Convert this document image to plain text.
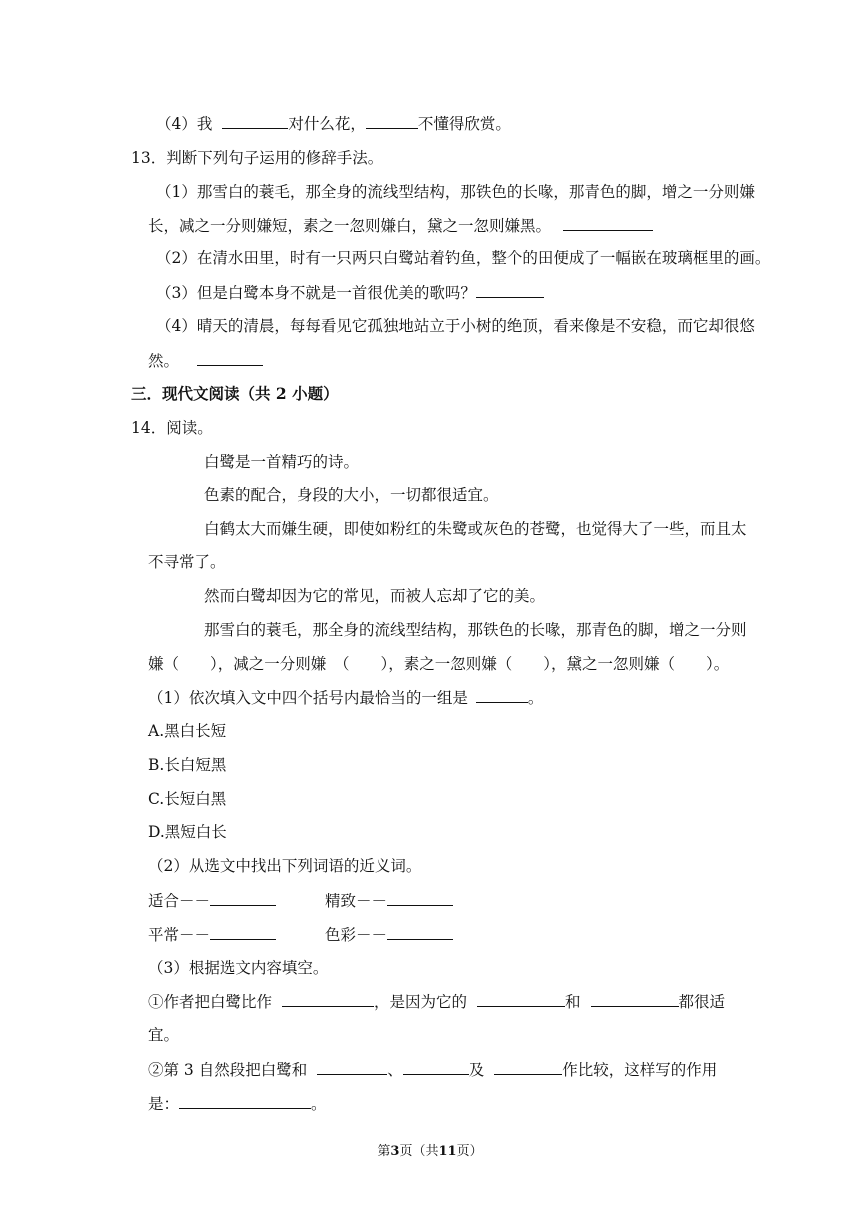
（4）我	对什么花，	不懂得欣赏。
13．判断下列句子运用的修辞手法。
（1）那雪白的蓑毛，那全身的流线型结构，那铁色的长喙，那青色的脚，增之一分则嫌
长，减之一分则嫌短，素之一忽则嫌白，黛之一忽则嫌黑。
（2）在清水田里，时有一只两只白鹭站着钓鱼，整个的田便成了一幅嵌在玻璃框里的画。
（3）但是白鹭本身不就是一首很优美的歌吗？
（4）晴天的清晨，每每看见它孤独地站立于小树的绝顶，看来像是不安稳，而它却很悠
然。
三．现代文阅读（共 2 小题）
14．阅读。
白鹭是一首精巧的诗。
色素的配合，身段的大小，一切都很适宜。
白鹤太大而嫌生硬，即使如粉红的朱鹭或灰色的苍鹭，也觉得大了一些，而且太
不寻常了。
然而白鹭却因为它的常见，而被人忘却了它的美。
那雪白的蓑毛，那全身的流线型结构，那铁色的长喙，那青色的脚，增之一分则
嫌（　　），减之一分则嫌　（　　），素之一忽则嫌（　　），黛之一忽则嫌（　　）。
（1）依次填入文中四个括号内最恰当的一组是	。
A.黑白长短
B.长白短黑
C.长短白黑
D.黑短白长
（2）从选文中找出下列词语的近义词。
适合－－	精致－－
平常－－	色彩－－
（3）根据选文内容填空。
①作者把白鹭比作	，是因为它的	和	都很适
宜。
②第 3 自然段把白鹭和	、	及	作比较，这样写的作用
是：	。
第3页（共11页）
